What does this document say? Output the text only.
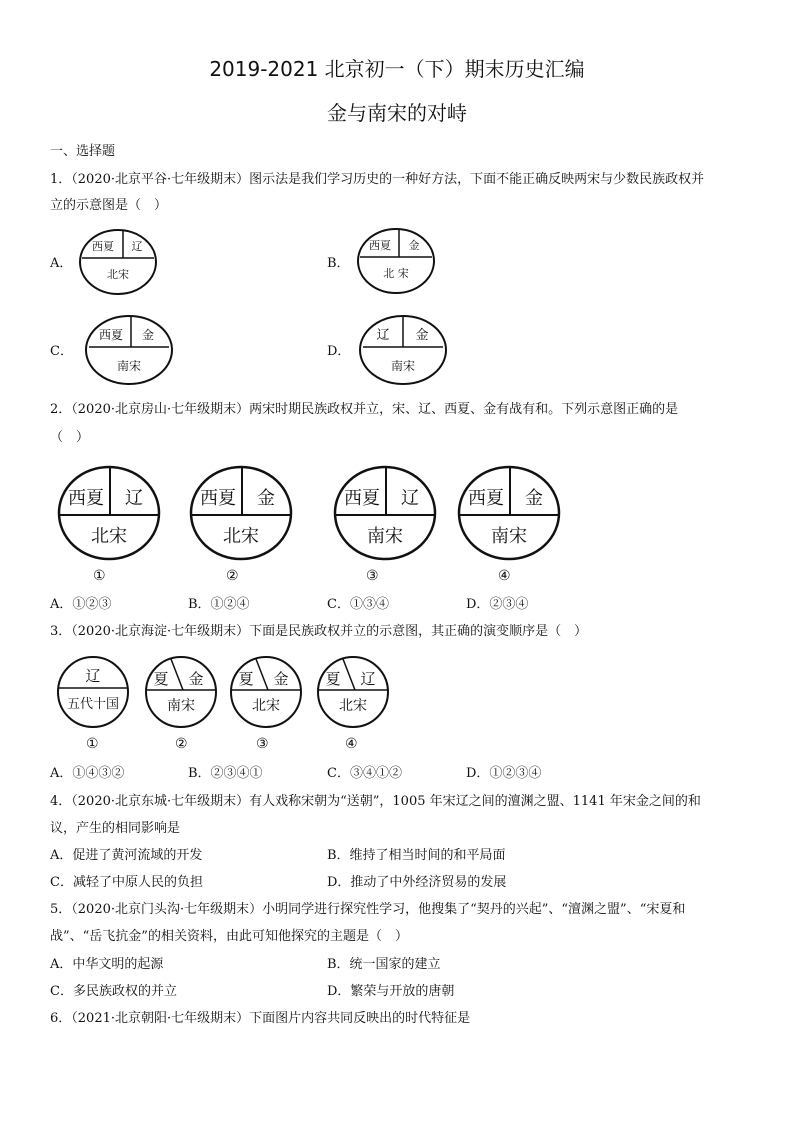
2019-2021 北京初一（下）期末历史汇编
金与南宋的对峙
一、选择题
1．（2020·北京平谷·七年级期末）图示法是我们学习历史的一种好方法，下面不能正确反映两宋与少数民族政权并
立的示意图是（　）
A．
西夏 辽
北宋
B．
西夏 金
北 宋
C．
西夏 金
南宋
D．
辽 金
南宋
2．（2020·北京房山·七年级期末）两宋时期民族政权并立，宋、辽、西夏、金有战有和。下列示意图正确的是
（　）
西夏 辽
北宋
①
西夏 金
北宋
②
西夏 辽
南宋
③
西夏 金
南宋
④
A．①②③	B．①②④	C．①③④	D．②③④
3．（2020·北京海淀·七年级期末）下面是民族政权并立的示意图，其正确的演变顺序是（　）
辽
五代十国
①
夏 金
南宋
②
夏 金
北宋
③
夏 辽
北宋
④
A．①④③②	B．②③④①	C．③④①②	D．①②③④
4．（2020·北京东城·七年级期末）有人戏称宋朝为“送朝”，1005 年宋辽之间的澶渊之盟、1141 年宋金之间的和
议，产生的相同影响是
A．促进了黄河流域的开发	B．维持了相当时间的和平局面
C．减轻了中原人民的负担	D．推动了中外经济贸易的发展
5．（2020·北京门头沟·七年级期末）小明同学进行探究性学习，他搜集了“契丹的兴起”、“澶渊之盟”、“宋夏和
战”、“岳飞抗金”的相关资料，由此可知他探究的主题是（　）
A．中华文明的起源	B．统一国家的建立
C．多民族政权的并立	D．繁荣与开放的唐朝
6．（2021·北京朝阳·七年级期末）下面图片内容共同反映出的时代特征是
